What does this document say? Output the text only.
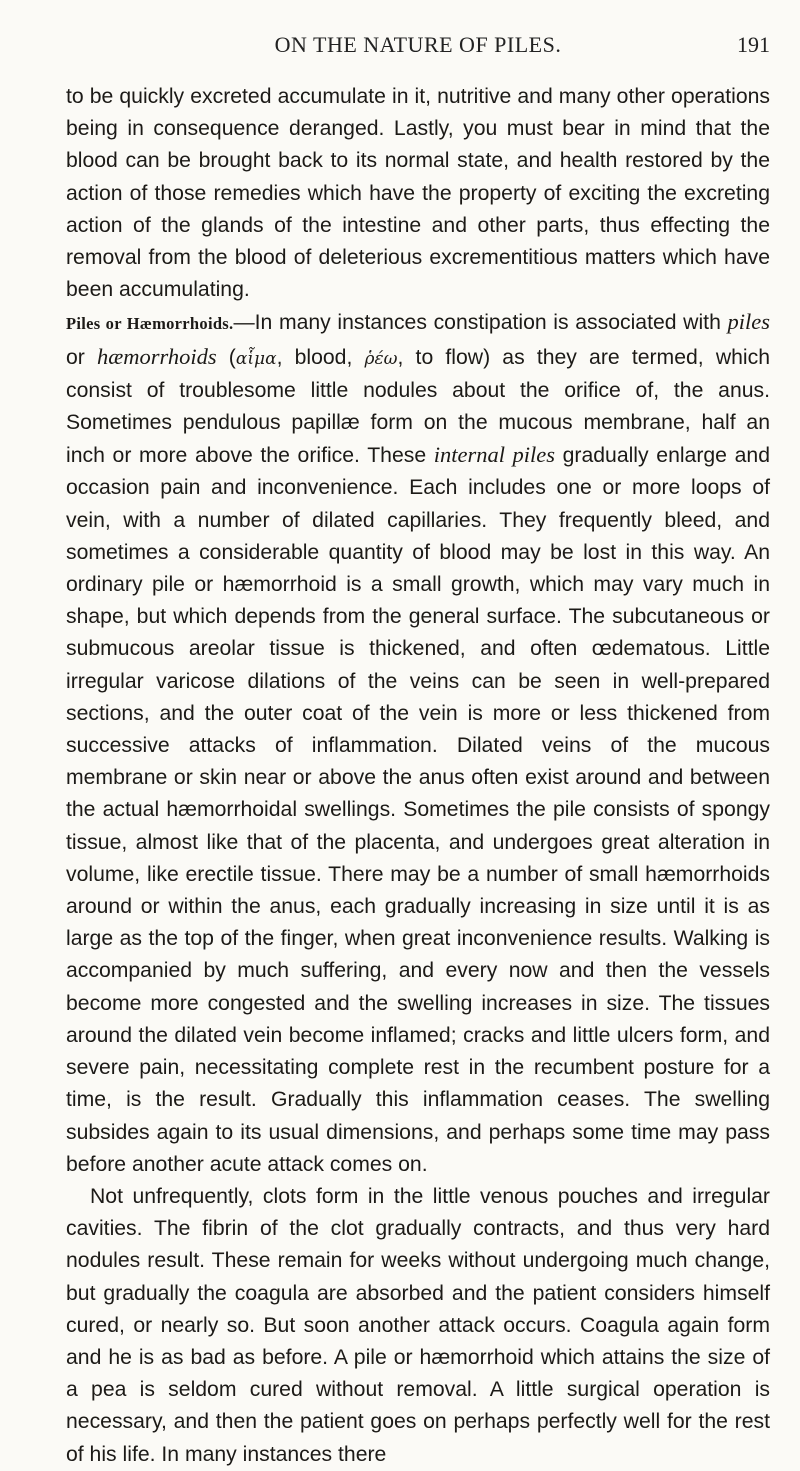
ON THE NATURE OF PILES.	191

to be quickly excreted accumulate in it, nutritive and many other operations being in consequence deranged. Lastly, you must bear in mind that the blood can be brought back to its normal state, and health restored by the action of those remedies which have the property of exciting the excreting action of the glands of the intestine and other parts, thus effecting the removal from the blood of deleterious excrementitious matters which have been accumulating.

Piles or Hæmorrhoids.—In many instances constipation is associated with piles or hæmorrhoids (αἷμα, blood, ῥέω, to flow) as they are termed, which consist of troublesome little nodules about the orifice of, the anus. Sometimes pendulous papillæ form on the mucous membrane, half an inch or more above the orifice. These internal piles gradually enlarge and occasion pain and inconvenience. Each includes one or more loops of vein, with a number of dilated capillaries. They frequently bleed, and sometimes a considerable quantity of blood may be lost in this way. An ordinary pile or hæmorrhoid is a small growth, which may vary much in shape, but which depends from the general surface. The subcutaneous or submucous areolar tissue is thickened, and often œdematous. Little irregular varicose dilations of the veins can be seen in well-prepared sections, and the outer coat of the vein is more or less thickened from successive attacks of inflammation. Dilated veins of the mucous membrane or skin near or above the anus often exist around and between the actual hæmorrhoidal swellings. Sometimes the pile consists of spongy tissue, almost like that of the placenta, and undergoes great alteration in volume, like erectile tissue. There may be a number of small hæmorrhoids around or within the anus, each gradually increasing in size until it is as large as the top of the finger, when great inconvenience results. Walking is accompanied by much suffering, and every now and then the vessels become more congested and the swelling increases in size. The tissues around the dilated vein become inflamed; cracks and little ulcers form, and severe pain, necessitating complete rest in the recumbent posture for a time, is the result. Gradually this inflammation ceases. The swelling subsides again to its usual dimensions, and perhaps some time may pass before another acute attack comes on.

Not unfrequently, clots form in the little venous pouches and irregular cavities. The fibrin of the clot gradually contracts, and thus very hard nodules result. These remain for weeks without undergoing much change, but gradually the coagula are absorbed and the patient considers himself cured, or nearly so. But soon another attack occurs. Coagula again form and he is as bad as before. A pile or hæmorrhoid which attains the size of a pea is seldom cured without removal. A little surgical operation is necessary, and then the patient goes on perhaps perfectly well for the rest of his life. In many instances there
